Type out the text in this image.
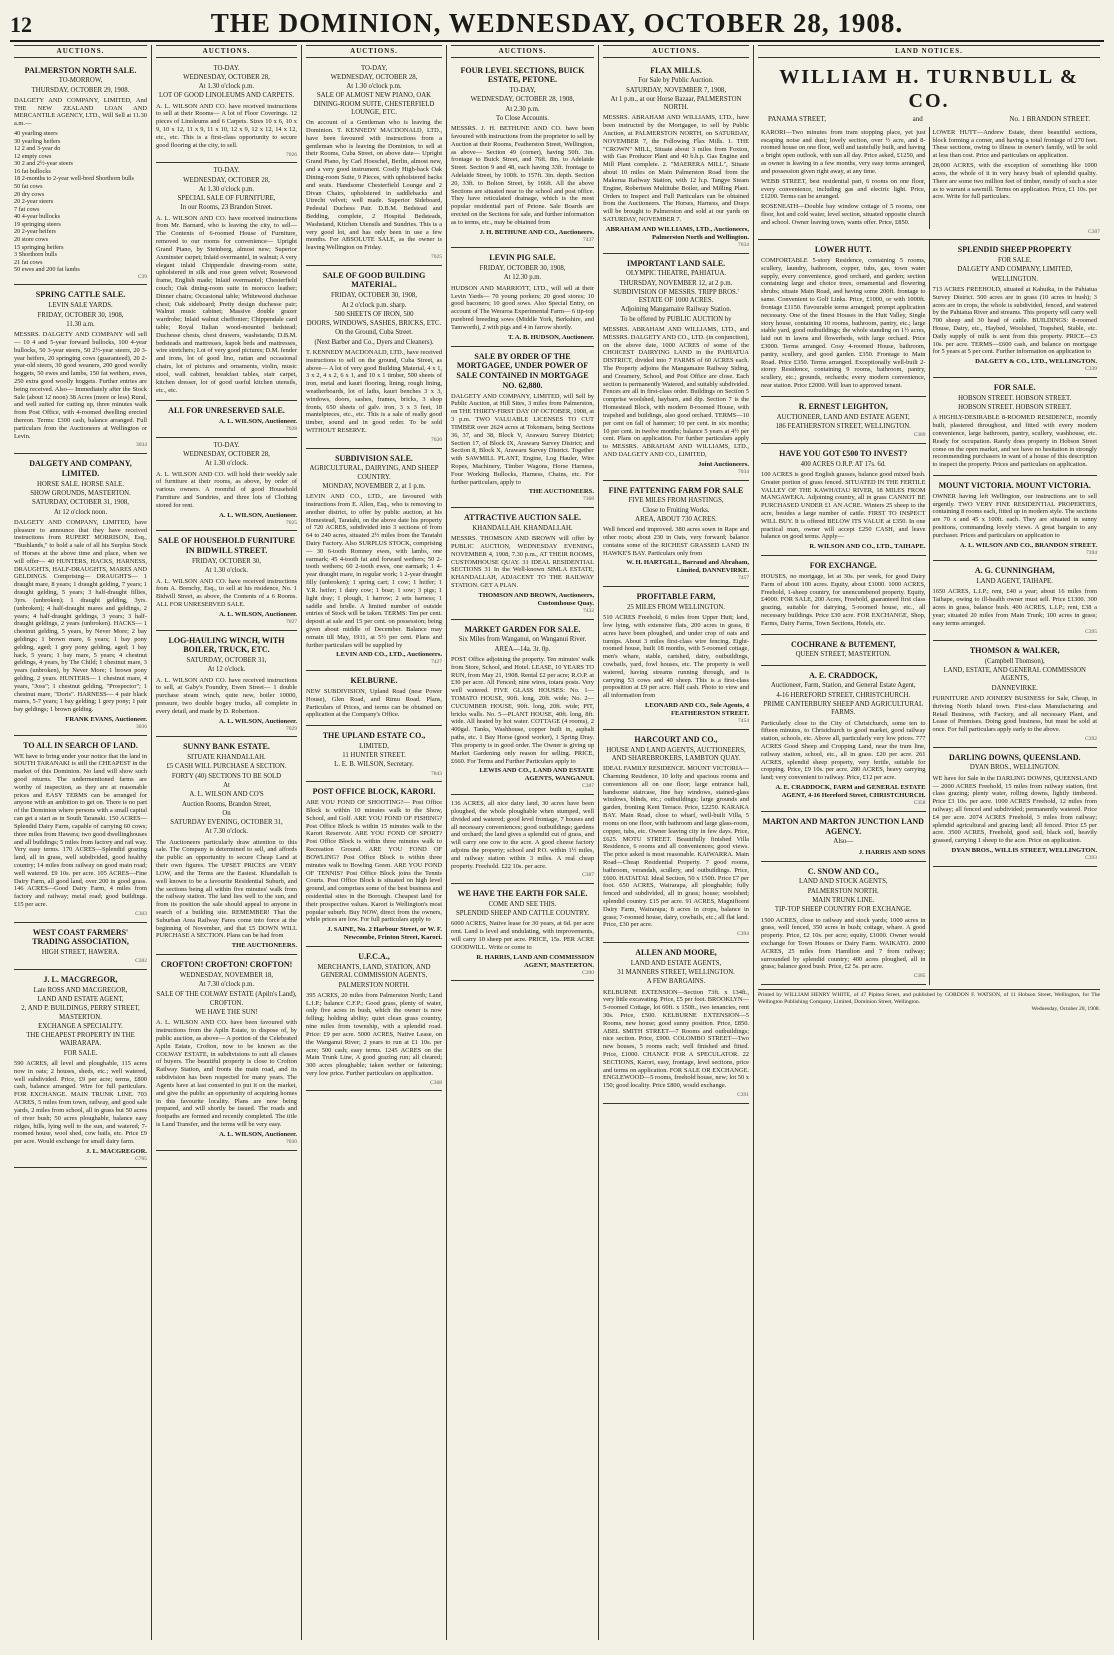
12	THE DOMINION, WEDNESDAY, OCTOBER 28, 1908.
AUCTIONS.
PALMERSTON NORTH SALE.
TO-MORROW,
THURSDAY, OCTOBER 29, 1908.
DALGETY AND COMPANY, LIMITED, And THE NEW ZEALAND LOAN AND MERCANTILE AGENCY, LTD., Will Sell at 11.30 a.m.—
40 yearling steers
30 yearling heifers
12 2 and 3-year do
12 empty cows
30 2 and 2½-year steers
16 fat bullocks
18 2-months to 2-year well-bred Shorthorn bulls
50 fat cows
20 dry cows
20 2-year steers
7 fat cows
40 4-year bullocks
19 springing steers
20 2-year heifers
20 store cows
15 springing heifers
3 Shorthorn bulls
21 fat cows
50 ewes and 200 fat lambs
C39
SPRING CATTLE SALE.
LEVIN SALE YARDS.
FRIDAY, OCTOBER 30, 1908,
11.30 a.m.
MESSRS. DALGETY AND COMPANY will sell— 10 4 and 5-year forward bullocks, 100 4-year bullocks, 50 3-year steers, 50 2½-year steers, 20 3-year heifers, 20 springing cows (guaranteed), 20 2-year-old steers, 30 good weaners, 200 good woolly hoggets, 50 ewes and lambs, 150 fat wethers, ewes, 250 extra good woolly hoggets. Further entries are being received. Also— Immediately after the Stock Sale (about 12 noon) 38 Acres (more or less) Rural, and well suited for cutting up, three minutes walk from Post Office, with 4-roomed dwelling erected thereon. Terms: £300 cash, balance arranged. Full particulars from the Auctioneers at Wellington or Levin.
3034
DALGETY AND COMPANY, LIMITED.
HORSE SALE. HORSE SALE.
SHOW GROUNDS, MASTERTON.
SATURDAY, OCTOBER 31, 1908,
At 12 o'clock noon.
DALGETY AND COMPANY, LIMITED, have pleasure to announce that they have received instructions from RUPERT MORRISON, Esq., "Bushlands," to hold a sale of all his Surplus Stock of Horses at the above time and place, when we will offer— 40 HUNTERS, HACKS, HARNESS, DRAUGHTS, HALF-DRAUGHTS, MARES AND GELDINGS. Comprising— DRAUGHTS— 1 draught mare, 8 years; 1 draught gelding, 7 years; 1 draught gelding, 5 years; 3 half-draught fillies, 3yrs. (unbroken); 1 draught gelding, 3yrs. (unbroken); 4 half-draught mares and geldings, 2 years; 4 half-draught geldings, 3 years; 3 half-draught geldings, 2 years (unbroken). HACKS— 1 chestnut gelding, 5 years, by Never More; 2 bay geldings; 1 brown mare, 6 years; 1 bay pony gelding, aged; 1 grey pony gelding, aged; 1 bay hack, 5 years; 1 bay mare, 5 years; 4 chestnut geldings, 4 years, by The Child; 1 chestnut mare, 3 years (unbroken), by Never More; 1 brown pony gelding, 2 years. HUNTERS— 1 chestnut mare, 4 years, "Joss"; 1 chestnut gelding, "Prospector"; 1 chestnut mare, "Doris". HARNESS— 4 pair black mares, 5-7 years; 1 bay gelding; 1 grey pony; 1 pair bay geldings; 1 brown gelding.
FRANK EVANS, Auctioneer.
3036
TO ALL IN SEARCH OF LAND.
WE have to bring under your notice that the land in SOUTH TARANAKI is still the CHEAPEST in the market of this Dominion. No land will show such good returns. The undermentioned farms are worthy of inspection, as they are at reasonable prices and EASY TERMS can be arranged for anyone with an ambition to get on. There is no part of the Dominion where persons with a small capital can get a start as in South Taranaki. 150 ACRES—Splendid Dairy Farm, capable of carrying 60 cows; three miles from Hawera; two good dwellinghouses and all buildings; 5 miles from factory and rail way. Very easy terms. 170 ACRES—Splendid grazing land, all in grass, well subdivided, good healthy country; 14 miles from railway on good main road; well watered. £9 10s. per acre. 105 ACRES—Fine Dairy Farm, all good land, over 200 in good grass. 146 ACRES—Good Dairy Farm, 4 miles from factory and railway; metal road; good buildings. £15 per acre.
C303
WEST COAST FARMERS' TRADING ASSOCIATION,
HIGH STREET, HAWERA.
C302
J. L. MACGREGOR,
Late ROSS AND MACGREGOR,
LAND AND ESTATE AGENT,
2, AND P. BUILDINGS, PERRY STREET, MASTERTON.
EXCHANGE A SPECIALITY.
THE CHEAPEST PROPERTY IN THE WAIRARAPA.
FOR SALE.
590 ACRES, all level and ploughable, 115 acres now in oats; 2 houses, sheds, etc.; well watered, well subdivided. Price, £9 per acre; terms, £800 cash, balance arranged. Wire for full particulars. FOR EXCHANGE. MAIN TRUNK LINE. 703 ACRES, 5 miles from town, railway, and good sale yards, 2 miles from school, all in grass but 50 acres of river bush; 50 acres ploughable, balance easy ridges, hills, lying well to the sun, and watered; 7-roomed house, wool shed, cow bails, etc. Price £9 per acre. Would exchange for small dairy farm.
J. L. MACGREGOR.
C765
AUCTIONS.
TO-DAY.
WEDNESDAY, OCTOBER 28,
At 1.30 o'clock p.m.
LOT OF GOOD LINOLEUMS AND CARPETS.
A. L. WILSON AND CO. have received instructions to sell at their Rooms— A lot of Floor Coverings. 12 pieces of Linoleums and 6 Carpets. Sizes 10 x 6, 10 x 9, 10 x 12, 11 x 9, 11 x 10, 12 x 9, 12 x 12, 14 x 12, etc., etc. This is a first-class opportunity to secure good flooring at the city, to sell.
7026
TO-DAY.
WEDNESDAY, OCTOBER 28,
At 1.30 o'clock p.m.
SPECIAL SALE OF FURNITURE,
In our Rooms, 23 Brandon Street.
A. L. WILSON AND CO. have received instructions from Mr. Barnard, who is leaving the city, to sell— The Contents of 6-roomed House of Furniture, removed to our rooms for convenience— Upright Grand Piano, by Steinberg, almost new; Superior Axminster carpet; Inlaid overmantel, in walnut; A very elegant inlaid Chippendale drawing-room suite, upholstered in silk and rose green velvet; Rosewood frame, English made; Inlaid overmantel; Chesterfield couch; Oak dining-room suite in morocco leather; Dinner chairs; Occasional table; Whitewood duchesse chest; Oak sideboard; Pretty design duchesse pair; Walnut music cabinet; Massive double grazer wardrobe; Inlaid walnut cheffonier; Chippendale card table; Royal Italian wood-mounted bedstead; Duchesse chests, chest drawers, washstands; D.B.M. bedsteads and mattresses, kapok beds and mattresses, wire stretchers; Lot of very good pictures; D.M. fender and irons, lot of good lino, rattan and occasional chairs, lot of pictures and ornaments, violin, music stool, wall cabinet, breakfast tables, stair carpet, kitchen dresser, lot of good useful kitchen utensils, etc., etc.
ALL FOR UNRESERVED SALE.
A. L. WILSON, Auctioneer.
7028
TO-DAY.
WEDNESDAY, OCTOBER 28,
At 1.30 o'clock.
A. L. WILSON AND CO. will hold their weekly sale of furniture at their rooms, as above, by order of various owners. A roomful of good Household Furniture and Sundries, and three lots of Clothing stored for rent.
A. L. WILSON, Auctioneer.
7025
SALE OF HOUSEHOLD FURNITURE IN BIDWILL STREET.
FRIDAY, OCTOBER 30,
At 1.30 o'clock.
A. L. WILSON AND CO. have received instructions from A. Brenchy, Esq., to sell at his residence, No. 1 Bidwill Street, as above, the Contents of a 6 Rooms. ALL FOR UNRESERVED SALE.
A. L. WILSON, Auctioneer.
7027
LOG-HAULING WINCH, WITH BOILER, TRUCK, ETC.
SATURDAY, OCTOBER 31,
At 12 o'clock.
A. L. WILSON AND CO. have received instructions to sell, at Gaby's Foundry, Ewen Street— 1 double purchase steam winch, quite new, boiler 10000, pressure, two double bogey trucks, all complete in every detail, and made by D. Robertson.
A. L. WILSON, Auctioneer.
7029
SUNNY BANK ESTATE.
SITUATE KHANDALLAH.
£5 CASH WILL PURCHASE A SECTION.
FORTY (40) SECTIONS TO BE SOLD
At
A. L. WILSON AND CO'S
Auction Rooms, Brandon Street,
On
SATURDAY EVENING, OCTOBER 31,
At 7.30 o'clock.
The Auctioneers particularly draw attention to this sale. The Company is determined to sell, and affords the public an opportunity to secure Cheap Land at their own figures. The UPSET PRICES are VERY LOW, and the Terms are the Easiest. Khandallah is well known to be a favourite Residential Suburb, and the sections being all within five minutes' walk from the railway station. The land lies well to the sun, and from its position the sale should appeal to anyone in search of a building site. REMEMBER! That the Suburban Area Railway Fares come into force at the beginning of November, and that £5 DOWN WILL PURCHASE A SECTION. Plans can be had from
THE AUCTIONEERS.
CROFTON! CROFTON! CROFTON!
WEDNESDAY, NOVEMBER 18,
At 7.30 o'clock p.m.
SALE OF THE COLWAY ESTATE (Apiln's Land),
CROFTON.
WE HAVE THE SUN!
A. L. WILSON AND CO. have been favoured with instructions from the Apiln Estate, to dispose of, by public auction, as above— A portion of the Celebrated Apiln Estate, Crofton, now to be known as the COLWAY ESTATE, in subdivisions to suit all classes of buyers. The beautiful property is close to Crofton Railway Station, and fronts the main road, and its subdivision has been respected for many years. The Agents have at last consented to put it on the market, and give the public an opportunity of acquiring homes in this favourite locality. Plans are now being prepared, and will shortly be issued. The roads and footpaths are formed and recently completed. The title is Land Transfer, and the terms will be very easy.
A. L. WILSON, Auctioneer.
7030
AUCTIONS.
TO-DAY,
WEDNESDAY, OCTOBER 28,
At 1.30 o'clock p.m.
SALE OF ALMOST NEW PIANO, OAK DINING-ROOM SUITE, CHESTERFIELD LOUNGE, ETC.
On account of a Gentleman who is leaving the Dominion. T. KENNEDY MACDONALD, LTD., have been favoured with instructions from a gentleman who is leaving the Dominion, to sell at their Rooms, Cuba Street, on above date— Upright Grand Piano, by Carl Hoeschel, Berlin, almost new, and a very good instrument. Costly High-back Oak Dining-room Suite, 9 Pieces, with upholstered backs and seats. Handsome Chesterfield Lounge and 2 Divan Chairs, upholstered in saddlebacks and Utrecht velvet; well made. Superior Sideboard, Pedestal Duchess Pair. D.B.M. Bedstead and Bedding, complete, 2 Hospital Bedsteads, Washstand, Kitchen Utensils and Sundries. This is a very good lot, and has only been in use a few months. For ABSOLUTE SALE, as the owner is leaving Wellington on Friday.
7025
SALE OF GOOD BUILDING MATERIAL.
FRIDAY, OCTOBER 30, 1908,
At 2 o'clock p.m. sharp.
500 SHEETS OF IRON, 500
DOORS, WINDOWS, SASHES, BRICKS, ETC.
On the Ground, Cuba Street.
(Next Barber and Co., Dyers and Cleaners).
T. KENNEDY MACDONALD, LTD., have received instructions to sell on the ground, Cuba Street, as above— A lot of very good Building Material, 4 x 1, 3 x 2, 4 x 2, 6 x 1, and 10 x 1 timber, 500 sheets of iron, metal and kauri flooring, lining, rough lining, weatherboards, lot of laths, kauri benches 3 x 3, windows, doors, sashes, frames, bricks, 3 shop fronts, 650 sheets of galv. iron, 3 x 3 feet, 18 mantelpieces, etc., etc. This is a sale of really good timber, sound and in good order. To be sold WITHOUT RESERVE.
7026
SUBDIVISION SALE.
AGRICULTURAL, DAIRYING, AND SHEEP COUNTRY.
MONDAY, NOVEMBER 2, at 1 p.m.
LEVIN AND CO., LTD., are favoured with instructions from E. Allen, Esq., who is removing to another district, to offer by public auction, at his Homestead, Taratahi, on the above date his property of 720 ACRES, subdivided into 3 sections of from 64 to 240 acres, situated 2½ miles from the Taratahi Dairy Factory. Also SURPLUS STOCK, comprising— 30 6-tooth Romney ewes, with lambs, one earmark; 45 4-tooth fat and forward wethers; 50 2-tooth wethers; 60 2-tooth ewes, one earmark; 1 4-year draught mare, in regular work; 1 2-year draught filly (unbroken); 1 spring cart; 1 cow; 1 heifer; 1 Y.R. heifer; 1 dairy cow; 1 boar; 1 sow; 3 pigs; 1 light dray; 1 plough, 1 harrow; 2 sets harness; 1 saddle and bridle. A limited number of outside entries of Stock will be taken. TERMS: Ten per cent. deposit at sale and 15 per cent. on possession; being given about middle of December. Balance may remain till May, 1911, at 5½ per cent. Plans and further particulars will be supplied by
LEVIN AND CO., LTD., Auctioneers.
7427
KELBURNE.
NEW SUBDIVISION, Upland Road (near Power House), Glen Road, and Rimu Road. Plans, Particulars of Prices, and terms can be obtained on application at the Company's Office.
THE UPLAND ESTATE CO.,
LIMITED,
11 HUNTER STREET.
L. E. B. WILSON, Secretary.
7843
POST OFFICE BLOCK, KARORI.
ARE YOU FOND OF SHOOTING?— Post Office Block is within 10 minutes walk to the Show, School, and Golf. ARE YOU FOND OF FISHING? Post Office Block is within 15 minutes walk to the Karori Reservoir. ARE YOU FOND OF SPORT? Post Office Block is within three minutes walk to Recreation Ground. ARE YOU FOND OF BOWLING? Post Office Block is within three minutes walk to Bowling Green. ARE YOU FOND OF TENNIS? Post Office Block joins the Tennis Courts. Post Office Block is situated on high level ground, and comprises some of the best business and residential sites in the Borough. Cheapest land for their prospective values. Karori is Wellington's most popular suburb. Buy NOW, direct from the owners, while prices are low. For full particulars apply to
J. SAINE, No. 2 Harbour Street, or W. F. Newcombe, Frinton Street, Karori.
U.F.C.A.,
MERCHANTS, LAND, STATION, AND GENERAL COMMISSION AGENTS,
PALMERSTON NORTH.
395 ACRES, 20 miles from Palmerston North; Land L.I.P.; balance C.F.P.; Good grass, plenty of water, only five acres in bush, which the owner is now felling; holding ability; quiet clean grass country, nine miles from township, with a splendid road. Price: £9 per acre. 5000 ACRES, Native Lease, on the Wanganui River; 2 years to run at £1 10s. per acre; 500 cash; easy terms. 1245 ACRES on the Main Trunk Line, A good grazing run; all cleared; 300 acres ploughable; taken wether or fattening; very low price. Further particulars on application.
C368
AUCTIONS.
FOUR LEVEL SECTIONS, BUICK ESTATE, PETONE.
TO-DAY,
WEDNESDAY, OCTOBER 28, 1908,
At 2.30 p.m.
To Close Accounts.
MESSRS. J. H. BETHUNE AND CO. have been favoured with instructions from the proprietor to sell by Auction at their Rooms, Featherston Street, Wellington, as above— Section 49 (corner), having 50ft. 3in. frontage to Buick Street, and 76ft. 8in. to Adelaide Street. Section 9 and 48, each having 33ft. frontage to Adelaide Street, by 100ft. to 157ft. 3in. depth. Section 20, 33ft. to Bolton Street, by 166ft. All the above Sections are situated near to the school and post office. They have reticulated drainage, which is the most popular residential part of Petone. Sale Boards are erected on the Sections for sale, and further information as to terms, etc., may be obtained from
J. H. BETHUNE AND CO., Auctioneers.
7437
LEVIN PIG SALE.
FRIDAY, OCTOBER 30, 1908,
At 12.30 p.m.
HUDSON AND MARRIOTT, LTD., will sell at their Levin Yards— 70 young porkers; 20 good stores; 10 good baconers; 10 good sows. Also Special Entry, on account of The Weraroa Experimental Farm— 6 tip-top purebred breeding sows (Middle York, Berkshire, and Tamworth), 2 with pigs and 4 in farrow shortly.
T. A. B. HUDSON, Auctioneer.
SALE BY ORDER OF THE MORTGAGEE, UNDER POWER OF SALE CONTAINED IN MORTGAGE NO. 62,880.
DALGETY AND COMPANY, LIMITED, will Sell by Public Auction, at Hill Sites, 3 miles from Palmerston, on THE THIRTY-FIRST DAY OF OCTOBER, 1908, at 3 p.m. TWO VALUABLE LICENSES TO CUT TIMBER over 2624 acres at Tokomaru, being Sections 36, 37, and 38, Block V, Arawaru Survey District; Section 17, of Block IX, Arawaru Survey District; and Section 8, Block X, Arawaru Survey District. Together with SAWMILL PLANT, Engine, Log Hauler, Wire Ropes, Machinery, Timber Wagons, Horse Harness, Four Working Bullocks, Harness, Chains, etc. For further particulars, apply to
THE AUCTIONEERS.
7368
ATTRACTIVE AUCTION SALE.
KHANDALLAH. KHANDALLAH.
MESSRS. THOMSON AND BROWN will offer by PUBLIC AUCTION, WEDNESDAY EVENING, NOVEMBER 4, 1908, 7.30 p.m., AT THEIR ROOMS, CUSTOMHOUSE QUAY. 31 IDEAL RESIDENTIAL SECTIONS 31 In the Well-known SIMLA ESTATE, KHANDALLAH, ADJACENT TO THE RAILWAY STATION. GET A PLAN.
THOMSON AND BROWN, Auctioneers, Customhouse Quay.
7432
MARKET GARDEN FOR SALE.
Six Miles from Wanganui, on Wanganui River.
AREA—14a. 3r. 0p.
POST Office adjoining the property. Ten minutes' walk from Store, School, and Hotel. LEASE, 10 YEARS TO RUN, from May 21, 1908. Rental £2 per acre; R.O.P. at £30 per acre. All Fenced; nine wires, totara posts. Very well watered. FIVE GLASS HOUSES: No. 1—TOMATO HOUSE, 90ft. long, 20ft. wide; No. 2—CUCUMBER HOUSE, 90ft. long, 20ft. wide; PIT, bricks walls. No. 5—PLANT HOUSE, 40ft. long, 8ft. wide. All heated by hot water. COTTAGE (4 rooms), 2 400gal. Tanks, Washhouse, copper built in, asphalt paths, etc. 1 Bay Horse (good worker), 1 Spring Dray. This property is in good order. The Owner is giving up Market Gardening only reason for selling. PRICE, £660. For Terms and Further Particulars apply to
LEWIS AND CO., LAND AND ESTATE AGENTS, WANGANUI.
C387
136 ACRES, all nice dairy land, 30 acres have been ploughed, the whole ploughable when stumped, well divided and watered; good level frontage, 7 houses and all necessary conveniences; good outbuildings; gardens and orchard; the land gives a splendid cut of grass, and will carry one cow to the acre. A good cheese factory adjoins the property; school and P.O. within 1½ miles, and railway station within 3 miles. A real cheap property. Freehold. £22 10s. per acre.
C387
WE HAVE THE EARTH FOR SALE.
COME AND SEE THIS.
SPLENDID SHEEP AND CATTLE COUNTRY.
6000 ACRES, Native lease for 30 years, at 6d. per acre rent. Land is level and undulating, with improvements, will carry 10 sheep per acre. PRICE, 15s. PER ACRE GOODWILL. Write or come to
R. HARRIS, LAND AND COMMISSION AGENT, MASTERTON.
C390
AUCTIONS.
FLAX MILLS.
For Sale by Public Auction.
SATURDAY, NOVEMBER 7, 1908,
At 1 p.m., at our Horse Bazaar, PALMERSTON NORTH.
MESSRS. ABRAHAM AND WILLIAMS, LTD., have been instructed by the Mortgagee, to sell by Public Auction, at PALMERSTON NORTH, on SATURDAY, NOVEMBER 7, the Following Flax Mills. 1. THE "CROWN" MILL, Situate about 3 miles from Foxton, with Gas Producer Plant and 40 b.h.p. Gas Engine and Mill Plant complete. 2. "MAERERA MILL", Situate about 10 miles on Main Palmerston Road from the Makerua Railway Station, with 12 h.p. Tangye Steam Engine, Robertson Multitube Boiler, and Milling Plant. Orders to Inspect and Full Particulars can be obtained from the Auctioneers. The Horses, Harness, and Drays will be brought to Palmerston and sold at our yards on SATURDAY, NOVEMBER 7.
ABRAHAM AND WILLIAMS, LTD., Auctioneers, Palmerston North and Wellington.
7034
IMPORTANT LAND SALE.
OLYMPIC THEATRE, PAHIATUA.
THURSDAY, NOVEMBER 12, at 2 p.m.
SUBDIVISION OF MESSRS. TRIPP BROS.' ESTATE OF 1000 ACRES.
Adjoining Mangamaire Railway Station.
To be offered by PUBLIC AUCTION by
MESSRS. ABRAHAM AND WILLIAMS, LTD., and MESSRS. DALGETY AND CO., LTD. (in conjunction), on the above date, 1000 ACRES of some of the CHOICEST DAIRYING LAND in the PAHIATUA DISTRICT, divided into 7 FARMS of 60 ACRES each. The Property adjoins the Mangamaire Railway Siding, and Creamery, School, and Post Office are close. Each section is permanently Watered, and suitably subdivided. Fences are all in first-class order. Buildings on Section 5 comprise woolshed, haybarn, and dip. Section 7 is the Homestead Block, with modern 8-roomed House, with trapshed and buildings, also good orchard. TERMS—10 per cent on fall of hammer; 10 per cent. in six months; 10 per cent. in twelve months; balance 5 years at 4½ per cent. Plans on application. For further particulars apply to MESSRS. ABRAHAM AND WILLIAMS, LTD., AND DALGETY AND CO., LIMITED,
Joint Auctioneers.
7034
FINE FATTENING FARM FOR SALE
FIVE MILES FROM HASTINGS,
Close to Fruiting Works.
AREA, ABOUT 730 ACRES.
Well fenced and improved. 380 acres sown in Rape and other roots; about 230 in Oats, very forward; balance contains some of the RICHEST GRASSED LAND IN HAWKE'S BAY. Particulars only from
W. H. HARTGILL, Barraud and Abraham, Limited, DANNEVIRKE.
7457
PROFITABLE FARM,
25 MILES FROM WELLINGTON.
510 ACRES Freehold, 6 miles from Upper Hutt; land, low lying, with extensive flats, 200 acres in grass, 8 acres have been ploughed, and under crop of oats and turnips. About 3 miles first-class wire fencing. Eight-roomed house, built 18 months, with 5-roomed cottage, men's whare, stable, cartshed, dairy, outbuildings, cowbails, yard, fowl houses, etc. The property is well watered, having streams running through, and is carrying 53 cows and 40 sheep. This is a first-class proposition at £9 per acre. Half cash. Photo to view and all information from
LEONARD AND CO., Sole Agents, 4 FEATHERSTON STREET.
7454
HARCOURT AND CO.,
HOUSE AND LAND AGENTS, AUCTIONEERS, AND SHAREBROKERS, LAMBTON QUAY.
IDEAL FAMILY RESIDENCE. MOUNT VICTORIA—Charming Residence, 10 lofty and spacious rooms and conveniences all on one floor; large entrance hall, handsome staircase, fine bay windows, stained-glass windows, blinds, etc.; outbuildings; large grounds and garden, fronting Kent Terrace. Price, £2250. KARAKA BAY. Main Road, close to wharf, well-built Villa, 5 rooms on one floor, with bathroom and large glass-room, copper, tubs, etc. Owner leaving city in few days. Price, £625. MOTU STREET. Beautifully finished Villa Residence, 6 rooms and all conveniences; good views. The price asked is most reasonable. KAIWARRA. Main Road—Cheap Residential Property. 7 good rooms, bathroom, verandah, scullery, and outbuildings. Price, £600. HATAITAI. Ideal Section, 50 x 150ft. Price £7 per foot. 650 ACRES, Wairarapa, all ploughable; fully fenced and subdivided, all in grass; house; woolshed; splendid country. £15 per acre. 91 ACRES, Magnificent Dairy Farm, Wairarapa; 8 acres in crops, balance in grass; 7-roomed house, dairy, cowbails, etc.; all flat land. Price, £30 per acre.
C394
ALLEN AND MOORE,
LAND AND ESTATE AGENTS,
31 MANNERS STREET, WELLINGTON.
A FEW BARGAINS.
KELBURNE EXTENSION—Section 73ft. x 134ft., very little excavating. Price, £5 per foot. BROOKLYN—5-roomed Cottage, lot 60ft. x 150ft., two tenancies, rent 30s. Price, £500. KELBURNE EXTENSION—5 Rooms, new house; good sunny position. Price, £850. ABEL SMITH STREET—7 Rooms and outbuildings; nice section. Price, £900. COLOMBO STREET—Two new houses, 5 rooms each; well finished and fitted. Price, £1000. CHANCE FOR A SPECULATOR. 22 SECTIONS, Karori, easy, frontage, level sections, price and terms on application. FOR SALE OR EXCHANGE. ENGLEWOOD—5 rooms, freehold house, new; lot 50 x 150; good locality. Price £800, would exchange.
C391
LAND NOTICES.
WILLIAM H. TURNBULL & CO.
PANAMA STREET,	and	No. 1 BRANDON STREET.
KARORI—Two minutes from tram stopping place, yet just escaping noise and dust; lovely section, over ½ acre, and 8-roomed house on one floor, well and tastefully built, and having a bright open outlook, with sun all day. Price asked, £1250, and as owner is leaving in a few months, very easy terms arranged, and possession given right away, at any time.
WEBB STREET, best residential part, 6 rooms on one floor, every convenience, including gas and electric light. Price, £1200. Terms can be arranged.
ROSENEATH—Double bay window cottage of 5 rooms, one floor, hot and cold water, level section, situated opposite church and school. Owner leaving town, wants offer. Price, £850.
LOWER HUTT—Andrew Estate, three beautiful sections, block forming a corner, and having a total frontage of 270 feet. These sections, owing to illness in owner's family, will be sold at less than cost. Price and particulars on application.
28,000 ACRES, with the exception of something like 1000 acres, the whole of it in very heavy bush of splendid quality. There are some two million feet of timber, mostly of such a size as to warrant a sawmill. Terms on application. Price, £1 10s. per acre. Write for full particulars.
C307
LOWER HUTT.
COMFORTABLE 5-story Residence, containing 5 rooms, scullery, laundry, bathroom, copper, tubs, gas, town water supply, every convenience, good orchard, and garden; section containing large and choice trees, ornamental and flowering shrubs; situate Main Road, and having some 200ft. frontage to same. Convenient to Golf Links. Price, £1000, or with 1000ft. frontage £1150. Favourable terms arranged; prompt application necessary. One of the finest Houses in the Hutt Valley, Single story house, containing 10 rooms, bathroom, pantry, etc.; large stable yard, good outbuildings; the whole standing on 1½ acres, laid out in lawns and flowerbeds, with large orchard. Price £3000. Terms arranged. Cosy 4-roomed House, bathroom, pantry, scullery, and good garden. £350. Frontage to Main Road. Price £350. Terms arranged. Exceptionally well-built 2-storey Residence, containing 9 rooms, bathroom, pantry, scullery, etc.; grounds, orchards; every modern convenience, near station. Price £2000. Will loan to approved tenant.
R. ERNEST LEIGHTON,
AUCTIONEER, LAND AND ESTATE AGENT,
186 FEATHERSTON STREET, WELLINGTON.
C389
HAVE YOU GOT £500 TO INVEST?
400 ACRES O.R.P. AT 17s. 6d.
100 ACRES is good English grasses, balance good mixed bush. Greater portion of grass fenced. SITUATED IN THE FERTILE VALLEY OF THE KAWHATAU RIVER, 18 MILES FROM MANGAWEKA. Adjoining country, all in grass CANNOT BE PURCHASED UNDER £1 AN ACRE. Winters 25 sheep to the acre, besides a large number of cattle. FIRST TO INSPECT WILL BUY. It is offered BELOW ITS VALUE at £350. In one practical man, owner will accept £250 CASH, and leave balance on good terms. Apply—
R. WILSON AND CO., LTD., TAIHAPE.
FOR EXCHANGE.
HOUSES, no mortgage, let at 30s. per week, for good Dairy Farm of about 100 acres. Equity, about £1000. 1000 ACRES, Freehold, 1-sheep country, for unencumbered property. Equity, £4000. FOR SALE, 200 Acres, Freehold, guaranteed first class grazing, suitable for dairying, 5-roomed house, etc., all necessary buildings. Price £30 acre. FOR EXCHANGE, Shop, Farms, Dairy Farms, Town Sections, Hotels, etc.
COCHRANE & BUTEMENT,
QUEEN STREET, MASTERTON.
A. E. CRADDOCK,
Auctioneer, Farm, Station, and General Estate Agent,
4-16 HEREFORD STREET, CHRISTCHURCH.
PRIME CANTERBURY SHEEP AND AGRICULTURAL FARMS.
Particularly close to the City of Christchurch, some ten to fifteen minutes, to Christchurch to good market, good railway station, schools, etc. Above all, particularly very low prices. 777 ACRES Good Sheep and Cropping Land, near the tram line, railway station, school, etc., all in grass. £20 per acre. 261 ACRES, splendid sheep property, very fertile, suitable for cropping. Price, £9 10s. per acre. 280 ACRES, heavy carrying land; very convenient to railway. Price, £12 per acre.
A. E. CRADDOCK, FARM and GENERAL ESTATE AGENT, 4-16 Hereford Street, CHRISTCHURCH.
C358
MARTON AND MARTON JUNCTION LAND AGENCY.
Also—
J. HARRIS AND SONS
C. SNOW AND CO.,
LAND AND STOCK AGENTS,
PALMERSTON NORTH.
MAIN TRUNK LINE.
TIP-TOP SHEEP COUNTRY FOR EXCHANGE.
1500 ACRES, close to railway and stock yards; 1000 acres in grass, well fenced, 350 acres in bush; cottage, whare. A good property. Price, £2 10s. per acre; equity, £1000. Owner would exchange for Town Houses or Dairy Farm. WAIKATO. 2000 ACRES, 25 miles from Hamilton and 7 from railway; surrounded by splendid country; 400 acres ploughed, all in grass; balance good bush. Price, £2 5s. per acre.
C385
SPLENDID SHEEP PROPERTY
FOR SALE.
DALGETY AND COMPANY, LIMITED,
WELLINGTON.
713 ACRES FREEHOLD, situated at Kahuika, in the Pahiatua Survey District. 500 acres are in grass (10 acres in bush); 3 acres are in crops, the whole is subdivided, fenced, and watered by the Pahiatua River and streams. This property will carry well 700 sheep and 30 head of cattle. BUILDINGS: 8-roomed House, Dairy, etc., Haybed, Woolshed, Trapshed, Stable, etc. Daily supply of milk is sent from this property. PRICE—£3 10s. per acre. TERMS—£600 cash, and balance on mortgage for 5 years at 5 per cent. Further information on application to
DALGETY & CO., LTD., WELLINGTON.
C339
FOR SALE.
HOBSON STREET. HOBSON STREET.
HOBSON STREET. HOBSON STREET.
A HIGHLY-DESIRABLE 8-ROOMED RESIDENCE, recently built, plastered throughout, and fitted with every modern convenience, large bathroom, pantry, scullery, washhouse, etc. Ready for occupation. Rarely does property in Hobson Street come on the open market, and we have no hesitation in strongly recommending purchasers in want of a house of this description to inspect the property. Prices and particulars on application.
MOUNT VICTORIA. MOUNT VICTORIA.
OWNER having left Wellington, our instructions are to sell urgently. TWO VERY FINE RESIDENTIAL PROPERTIES, containing 8 rooms each, fitted up in modern style. The sections are 70 x and 45 x 100ft. each. They are situated in sunny positions, commanding lovely views. A great bargain to any purchaser. Prices and particulars on application to
A. L. WILSON AND CO., BRANDON STREET.
7394
A. G. CUNNINGHAM,
LAND AGENT, TAIHAPE.
1650 ACRES, L.I.P.; rent, £40 a year; about 16 miles from Taihape, owing to ill-health owner must sell. Price £1300. 300 acres in grass, balance bush. 400 ACRES, L.I.P.; rent, £38 a year; situated 20 miles from Main Trunk; 100 acres in grass; easy terms arranged.
C395
THOMSON & WALKER,
(Campbell Thomson),
LAND, ESTATE, AND GENERAL COMMISSION AGENTS,
DANNEVIRKE.
FURNITURE AND JOINERY BUSINESS for Sale, Cheap, in thriving North Island town. First-class Manufacturing and Retail Business, with Factory, and all necessary Plant, and Lease of Premises. Doing good business, but must be sold at once. For full particulars apply early to the above.
C392
DARLING DOWNS, QUEENSLAND.
DYAN BROS., WELLINGTON.
WE have for Sale in the DARLING DOWNS, QUEENSLAND— 2000 ACRES Freehold, 15 miles from railway station, first class grazing; plenty water, rolling downs, lightly timbered. Price £3 10s. per acre. 1000 ACRES Freehold, 12 miles from railway; all fenced and subdivided; permanently watered. Price £4 per acre. 2074 ACRES Freehold, 3 miles from railway; splendid agricultural and grazing land; all fenced. Price £5 per acre. 3500 ACRES, Freehold, good soil, black soil, heavily grassed, carrying 1 sheep to the acre. Price on application.
DYAN BROS., WILLIS STREET, WELLINGTON.
C393
Printed by WILLIAM HENRY WHITE, of 47 Pipitea Street, and published by GORDON F. WATSON, of 11 Hobson Street, Wellington, for The Wellington Publishing Company, Limited, Dominion Street, Wellington.
Wednesday, October 28, 1908.
